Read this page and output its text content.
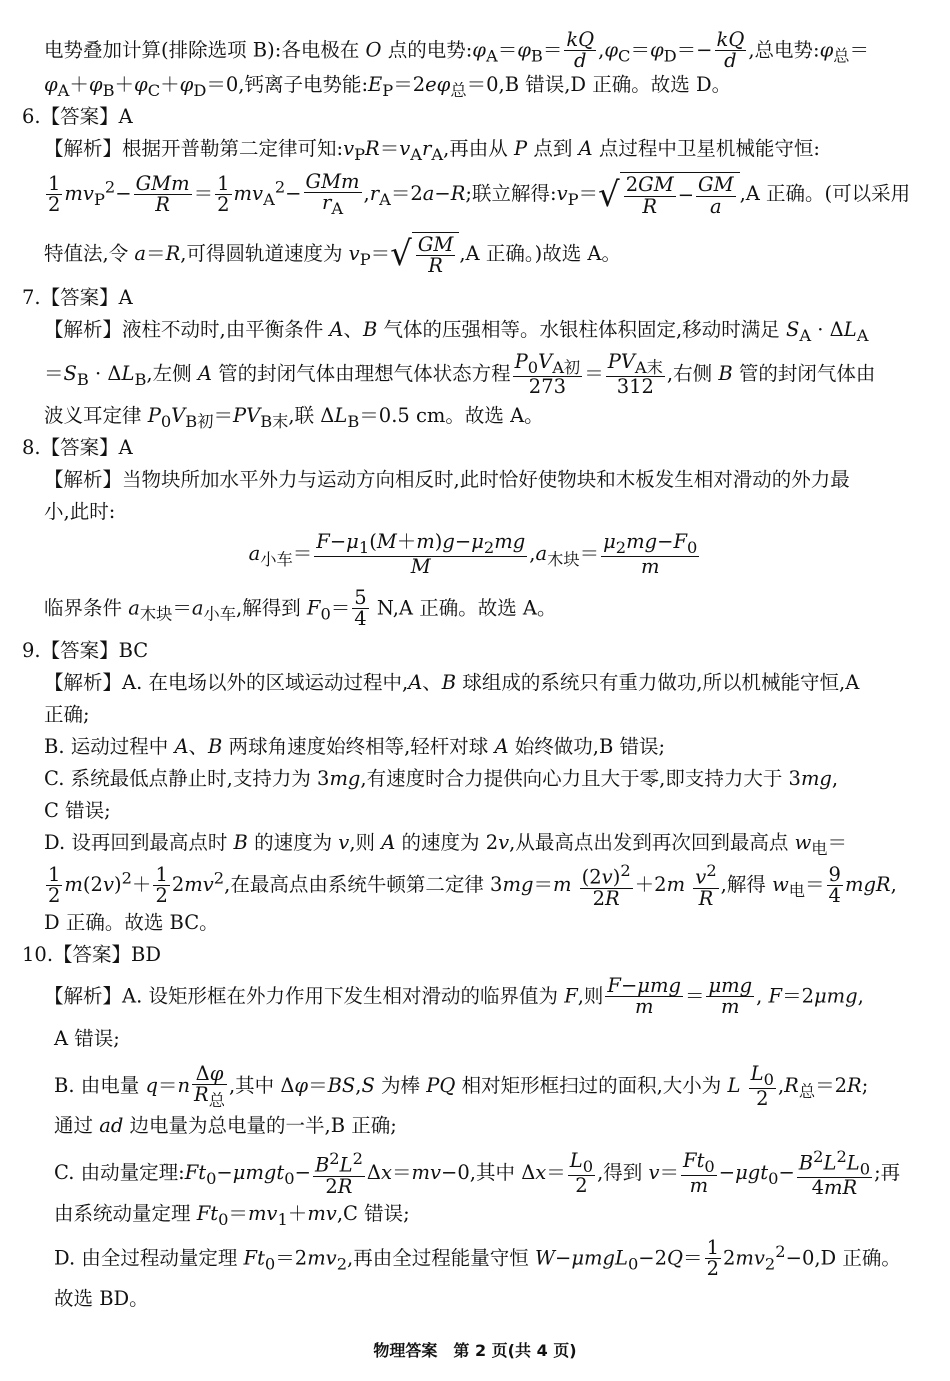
电势叠加计算(排除选项 B):各电极在 O 点的电势$:\varphi_A=\varphi_B= \frac{kQ}{d} ,\varphi_C=\varphi_D=- \frac{kQ}{d}$ ,总电势$:\varphi_总=$
$\varphi_A+\varphi_B+\varphi_C+\varphi_D=0$,钙离子电势能$:E_P=2e\varphi_总=0,B$ 错误,D 正确。故选 D。
6.【答案】A
【解析】根据开普勒第二定律可知$:v_PR=v_Ar_A$,再由从 P 点到 A 点过程中卫星机械能守恒:
$\frac{1}{2} mv_P^2- \frac{\text{GMm}}{R} = \frac{1}{2} mv_A^2- \frac{\text{GMm}}{r_A} ,r_A=2a-R$;联立解得$:v_P=√ \frac{2GM}{R} - \frac{GM}{a} ,A$ 正确。(可以采用
特值法,令 a＝R,可得圆轨道速度为 $v_P=√ \frac{GM}{R} ,A$ 正确。)故选 A。
7.【答案】A
【解析】液柱不动时,由平衡条件 A、B 气体的压强相等。水银柱体积固定,移动时满足 $S_A \cdot \Delta L_A$
$=S_B \cdot \Delta L_B$,左侧 A 管的封闭气体由理想气体状态方程 $\frac{P_0V_{A初}}{273} = \frac{PV_{A末}}{312}$ ,右侧 B 管的封闭气体由
波义耳定律 $P_0V_{B初}=PV_{B末}$,联 $\Delta L_B=0.5$ cm。故选 A。
8.【答案】A
【解析】当物块所加水平外力与运动方向相反时,此时恰好使物块和木板发生相对滑动的外力最
小,此时:
$a_{小车}= \frac{F-\mu_1(M+m)g-\mu_2mg}{M} ,a_{木块}= \frac{\mu_2mg-F_0}{m}$
临界条件 $a_{木块}=a_{小车}$,解得到 $F_0= \frac{5}{4} N,A$ 正确。故选 A。
9.【答案】BC
【解析】A. 在电场以外的区域运动过程中,A、B 球组成的系统只有重力做功,所以机械能守恒,A
正确;
B. 运动过程中 A、B 两球角速度始终相等,轻杆对球 A 始终做功,B 错误;
C. 系统最低点静止时,支持力为 3mg,有速度时合力提供向心力且大于零,即支持力大于 3mg,
C 错误;
D. 设再回到最高点时 B 的速度为 v,则 A 的速度为 2v,从最高点出发到再次回到最高点 $w_电=$
$\frac{1}{2} m(2v)^2+ \frac{1}{2} 2mv^2$,在最高点由系统牛顿第二定律 $3mg=m \frac{(2v)^2}{2R} +2m \frac{v^2}{R}$ ,解得 $w_电= \frac{9}{4}$ mgR,
D 正确。故选 BC。
10.【答案】BD
【解析】A. 设矩形框在外力作用下发生相对滑动的临界值为 F,则 $\frac{\text{F−μmg}}{m} = \frac{\text{μmg}}{m}$ , F＝2μmg,
A 错误;
B. 由电量 $q=n \frac{\Delta\varphi}{R_总}$ ,其中 Δφ＝BS,S 为棒 PQ 相对矩形框扫过的面积,大小为 L $\frac{L_0}{2} ,R_总=2R$;
通过 ad 边电量为总电量的一半,B 正确;
C. 由动量定理$:Ft_0-\mu mgt_0- \frac{B^2L^2}{2R} \Delta x=mv-0$,其中 $\Delta x= \frac{L_0}{2}$ ,得到 $v= \frac{Ft_0}{m} -\mu gt_0- \frac{B^2L^2L_0}{4mR}$ ;再
由系统动量定理 $Ft_0=mv_1+mv,C$ 错误;
D. 由全过程动量定理 $Ft_0=2mv_2$,再由全过程能量守恒 $W-\mu mgL_0-2Q= \frac{1}{2} 2mv_2^2-0,D$ 正确。
故选 BD。
物理答案　第 2 页(共 4 页)
